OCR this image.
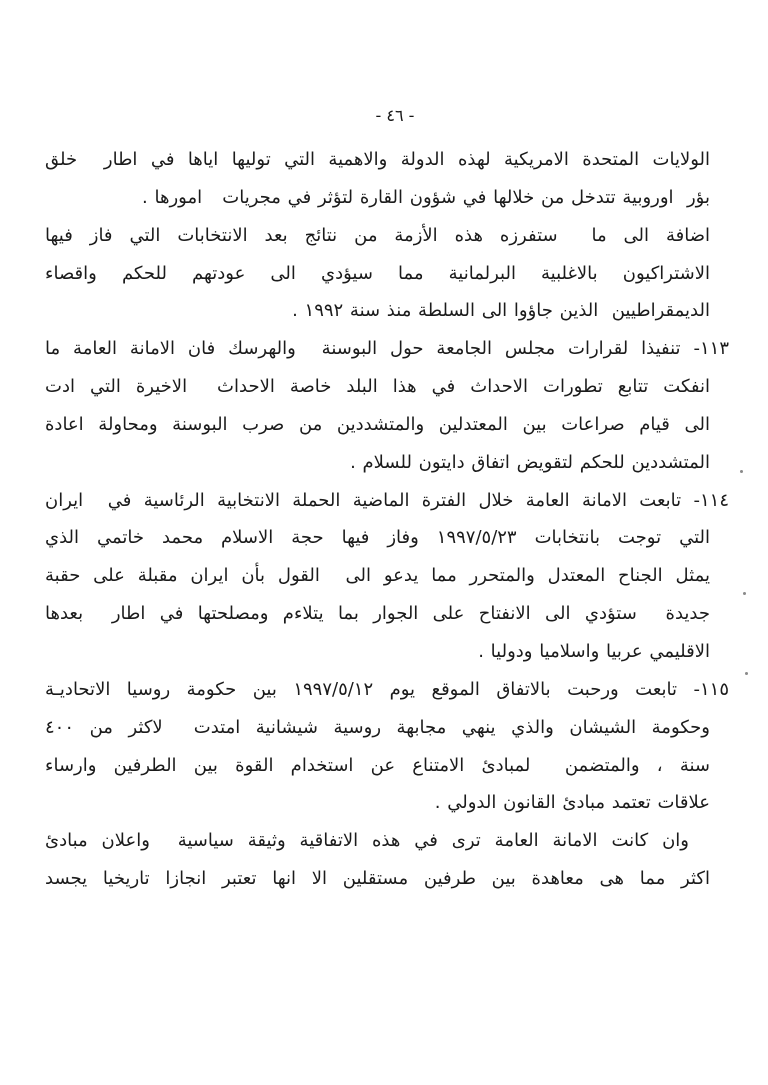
- ٤٦ -
الولايات المتحدة الامريكية لهذه الدولة والاهمية التي توليها اياها في اطار  خلق
بؤر  اوروبية تتدخل من خلالها في شؤون القارة لتؤثر في مجريات   امورها .
اضافة الى ما  ستفرزه هذه الأزمة من نتائج بعد الانتخابات التي فاز فيها
الاشتراكيون بالاغلبية البرلمانية مما سيؤدي الى عودتهم للحكم واقصاء
الديمقراطيين  الذين جاؤوا الى السلطة منذ سنة ١٩٩٢ .
١١٣- تنفيذا لقرارات مجلس الجامعة حول البوسنة  والهرسك فان الامانة العامة ما
انفكت تتابع تطورات الاحداث في هذا البلد خاصة الاحداث  الاخيرة التي ادت
الى قيام صراعات بين المعتدلين والمتشددين من صرب البوسنة ومحاولة اعادة
المتشددين للحكم لتقويض اتفاق دايتون للسلام .
١١٤- تابعت الامانة العامة خلال الفترة الماضية الحملة الانتخابية الرئاسية في  ايران
التي توجت بانتخابات ١٩٩٧/٥/٢٣ وفاز فيها حجة الاسلام محمد خاتمي الذي
يمثل الجناح المعتدل والمتحرر مما يدعو الى  القول بأن ايران مقبلة على حقبة
جديدة  ستؤدي الى الانفتاح على الجوار بما يتلاءم ومصلحتها في اطار  بعدها
الاقليمي عربيا واسلاميا ودوليا .
١١٥- تابعت ورحبت بالاتفاق الموقع يوم ١٩٩٧/٥/١٢ بين حكومة روسيا الاتحاديـة
وحكومة الشيشان والذي ينهي مجابهة روسية شيشانية امتدت  لاكثر من ٤٠٠
سنة ، والمتضمن  لمبادئ الامتناع عن استخدام القوة بين الطرفين وارساء
علاقات تعتمد مبادئ القانون الدولي .
وان كانت الامانة العامة ترى في هذه الاتفاقية وثيقة سياسية  واعلان مبادئ
اكثر مما هى معاهدة بين طرفين مستقلين الا انها تعتبر انجازا تاريخيا يجسد
